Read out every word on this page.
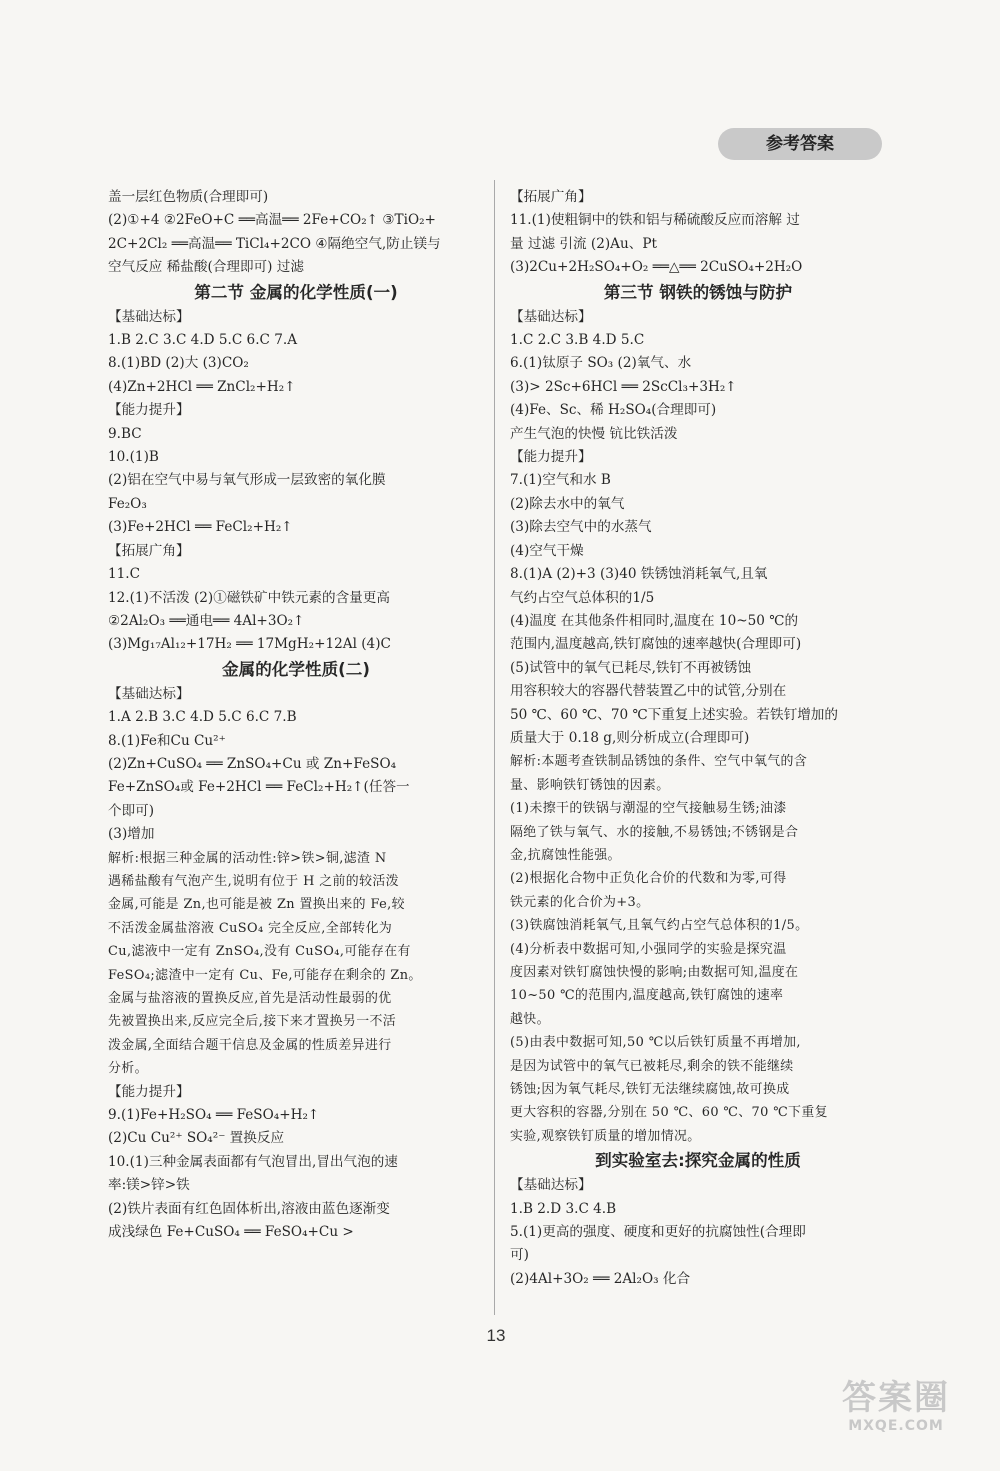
参考答案
盖一层红色物质(合理即可)
(2)①+4 ②2FeO+C ══高温══ 2Fe+CO₂↑ ③TiO₂+
2C+2Cl₂ ══高温══ TiCl₄+2CO ④隔绝空气,防止镁与
空气反应 稀盐酸(合理即可) 过滤
第二节 金属的化学性质(一)
【基础达标】
1.B 2.C 3.C 4.D 5.C 6.C 7.A
8.(1)BD (2)大 (3)CO₂
(4)Zn+2HCl ══ ZnCl₂+H₂↑
【能力提升】
9.BC
10.(1)B
(2)铝在空气中易与氧气形成一层致密的氧化膜
Fe₂O₃
(3)Fe+2HCl ══ FeCl₂+H₂↑
【拓展广角】
11.C
12.(1)不活泼 (2)①磁铁矿中铁元素的含量更高
②2Al₂O₃ ══通电══ 4Al+3O₂↑
(3)Mg₁₇Al₁₂+17H₂ ══ 17MgH₂+12Al (4)C
金属的化学性质(二)
【基础达标】
1.A 2.B 3.C 4.D 5.C 6.C 7.B
8.(1)Fe和Cu Cu²⁺
(2)Zn+CuSO₄ ══ ZnSO₄+Cu 或 Zn+FeSO₄
Fe+ZnSO₄或 Fe+2HCl ══ FeCl₂+H₂↑(任答一
个即可)
(3)增加
解析:根据三种金属的活动性:锌>铁>铜,滤渣 N
遇稀盐酸有气泡产生,说明有位于 H 之前的较活泼
金属,可能是 Zn,也可能是被 Zn 置换出来的 Fe,较
不活泼金属盐溶液 CuSO₄ 完全反应,全部转化为
Cu,滤液中一定有 ZnSO₄,没有 CuSO₄,可能存在有
FeSO₄;滤渣中一定有 Cu、Fe,可能存在剩余的 Zn。
金属与盐溶液的置换反应,首先是活动性最弱的优
先被置换出来,反应完全后,接下来才置换另一不活
泼金属,全面结合题干信息及金属的性质差异进行
分析。
【能力提升】
9.(1)Fe+H₂SO₄ ══ FeSO₄+H₂↑
(2)Cu Cu²⁺ SO₄²⁻ 置换反应
10.(1)三种金属表面都有气泡冒出,冒出气泡的速
率:镁>锌>铁
(2)铁片表面有红色固体析出,溶液由蓝色逐渐变
成浅绿色 Fe+CuSO₄ ══ FeSO₄+Cu >
【拓展广角】
11.(1)使粗铜中的铁和铝与稀硫酸反应而溶解 过
量 过滤 引流 (2)Au、Pt
(3)2Cu+2H₂SO₄+O₂ ══△══ 2CuSO₄+2H₂O
第三节 钢铁的锈蚀与防护
【基础达标】
1.C 2.C 3.B 4.D 5.C
6.(1)钛原子 SO₃ (2)氧气、水
(3)> 2Sc+6HCl ══ 2ScCl₃+3H₂↑
(4)Fe、Sc、稀 H₂SO₄(合理即可)
产生气泡的快慢 钪比铁活泼
【能力提升】
7.(1)空气和水 B
(2)除去水中的氧气
(3)除去空气中的水蒸气
(4)空气干燥
8.(1)A (2)+3 (3)40 铁锈蚀消耗氧气,且氧
气约占空气总体积的1/5
(4)温度 在其他条件相同时,温度在 10~50 ℃的
范围内,温度越高,铁钉腐蚀的速率越快(合理即可)
(5)试管中的氧气已耗尽,铁钉不再被锈蚀
用容积较大的容器代替装置乙中的试管,分别在
50 ℃、60 ℃、70 ℃下重复上述实验。若铁钉增加的
质量大于 0.18 g,则分析成立(合理即可)
解析:本题考查铁制品锈蚀的条件、空气中氧气的含
量、影响铁钉锈蚀的因素。
(1)未擦干的铁锅与潮湿的空气接触易生锈;油漆
隔绝了铁与氧气、水的接触,不易锈蚀;不锈钢是合
金,抗腐蚀性能强。
(2)根据化合物中正负化合价的代数和为零,可得
铁元素的化合价为+3。
(3)铁腐蚀消耗氧气,且氧气约占空气总体积的1/5。
(4)分析表中数据可知,小强同学的实验是探究温
度因素对铁钉腐蚀快慢的影响;由数据可知,温度在
10~50 ℃的范围内,温度越高,铁钉腐蚀的速率
越快。
(5)由表中数据可知,50 ℃以后铁钉质量不再增加,
是因为试管中的氧气已被耗尽,剩余的铁不能继续
锈蚀;因为氧气耗尽,铁钉无法继续腐蚀,故可换成
更大容积的容器,分别在 50 ℃、60 ℃、70 ℃下重复
实验,观察铁钉质量的增加情况。
到实验室去:探究金属的性质
【基础达标】
1.B 2.D 3.C 4.B
5.(1)更高的强度、硬度和更好的抗腐蚀性(合理即
可)
(2)4Al+3O₂ ══ 2Al₂O₃ 化合
13
答案圈
MXQE.COM
